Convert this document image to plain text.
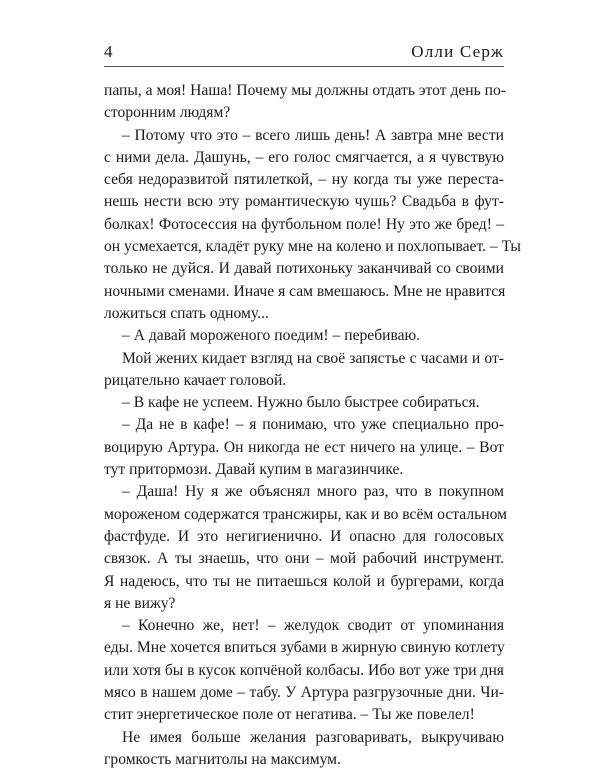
4	Олли Серж
папы, а моя! Наша! Почему мы должны отдать этот день по-
сторонним людям?
– Потому что это – всего лишь день! А завтра мне вести
с ними дела. Дашунь, – его голос смягчается, а я чувствую
себя недоразвитой пятилеткой, – ну когда ты уже переста-
нешь нести всю эту романтическую чушь? Свадьба в фут-
болках! Фотосессия на футбольном поле! Ну это же бред! –
он усмехается, кладёт руку мне на колено и похлопывает. – Ты
только не дуйся. И давай потихоньку заканчивай со своими
ночными сменами. Иначе я сам вмешаюсь. Мне не нравится
ложиться спать одному...
– А давай мороженого поедим! – перебиваю.
Мой жених кидает взгляд на своё запястье с часами и от-
рицательно качает головой.
– В кафе не успеем. Нужно было быстрее собираться.
– Да не в кафе! – я понимаю, что уже специально про-
воцирую Артура. Он никогда не ест ничего на улице. – Вот
тут притормози. Давай купим в магазинчике.
– Даша! Ну я же объяснял много раз, что в покупном
мороженом содержатся трансжиры, как и во всём остальном
фастфуде. И это негигиенично. И опасно для голосовых
связок. А ты знаешь, что они – мой рабочий инструмент.
Я надеюсь, что ты не питаешься колой и бургерами, когда
я не вижу?
– Конечно же, нет! – желудок сводит от упоминания
еды. Мне хочется впиться зубами в жирную свиную котлету
или хотя бы в кусок копчёной колбасы. Ибо вот уже три дня
мясо в нашем доме – табу. У Артура разгрузочные дни. Чи-
стит энергетическое поле от негатива. – Ты же повелел!
Не имея больше желания разговаривать, выкручиваю
громкость магнитолы на максимум.
